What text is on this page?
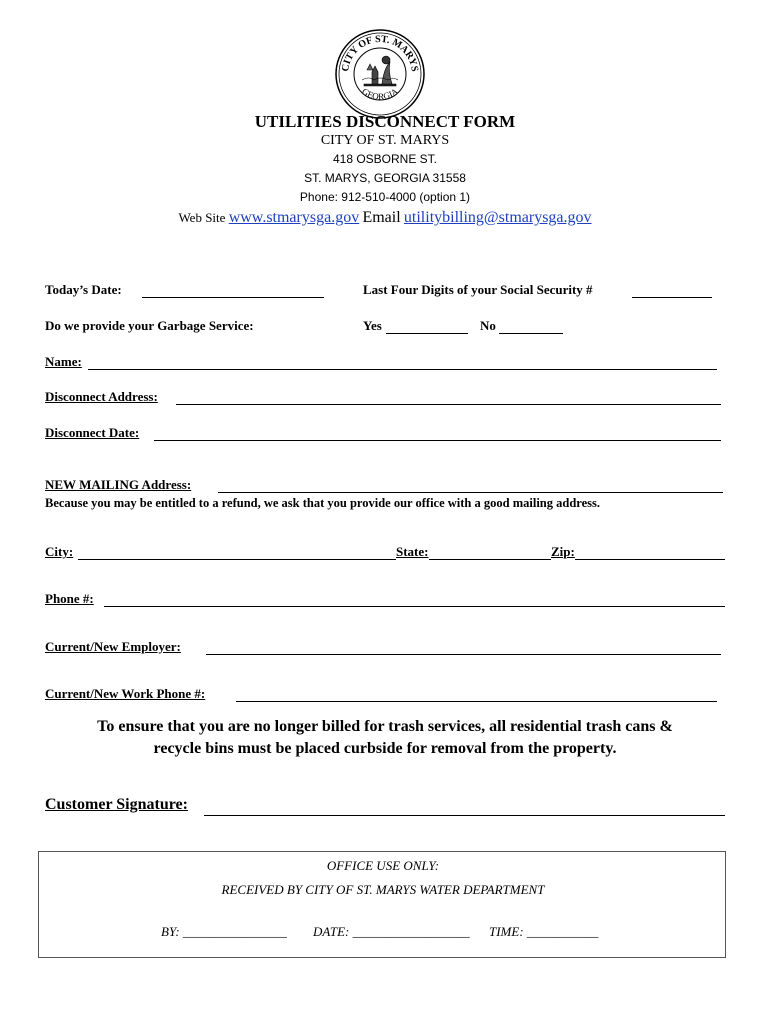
CITY OF ST. MARYS
GEORGIA
UTILITIES DISCONNECT FORM
CITY OF ST. MARYS
418 OSBORNE ST.
ST. MARYS, GEORGIA 31558
Phone: 912-510-4000 (option 1)
Web Site www.stmarysga.gov Email utilitybilling@stmarysga.gov
Today’s Date:	Last Four Digits of your Social Security #
Do we provide your Garbage Service:	Yes	No
Name:
Disconnect Address:
Disconnect Date:
NEW MAILING Address:
Because you may be entitled to a refund, we ask that you provide our office with a good mailing address.
City:	State:	Zip:
Phone #:
Current/New Employer:
Current/New Work Phone #:
To ensure that you are no longer billed for trash services, all residential trash cans &
recycle bins must be placed curbside for removal from the property.
Customer Signature:
OFFICE USE ONLY:
RECEIVED BY CITY OF ST. MARYS WATER DEPARTMENT
BY: ________________ DATE: __________________ TIME: ___________
